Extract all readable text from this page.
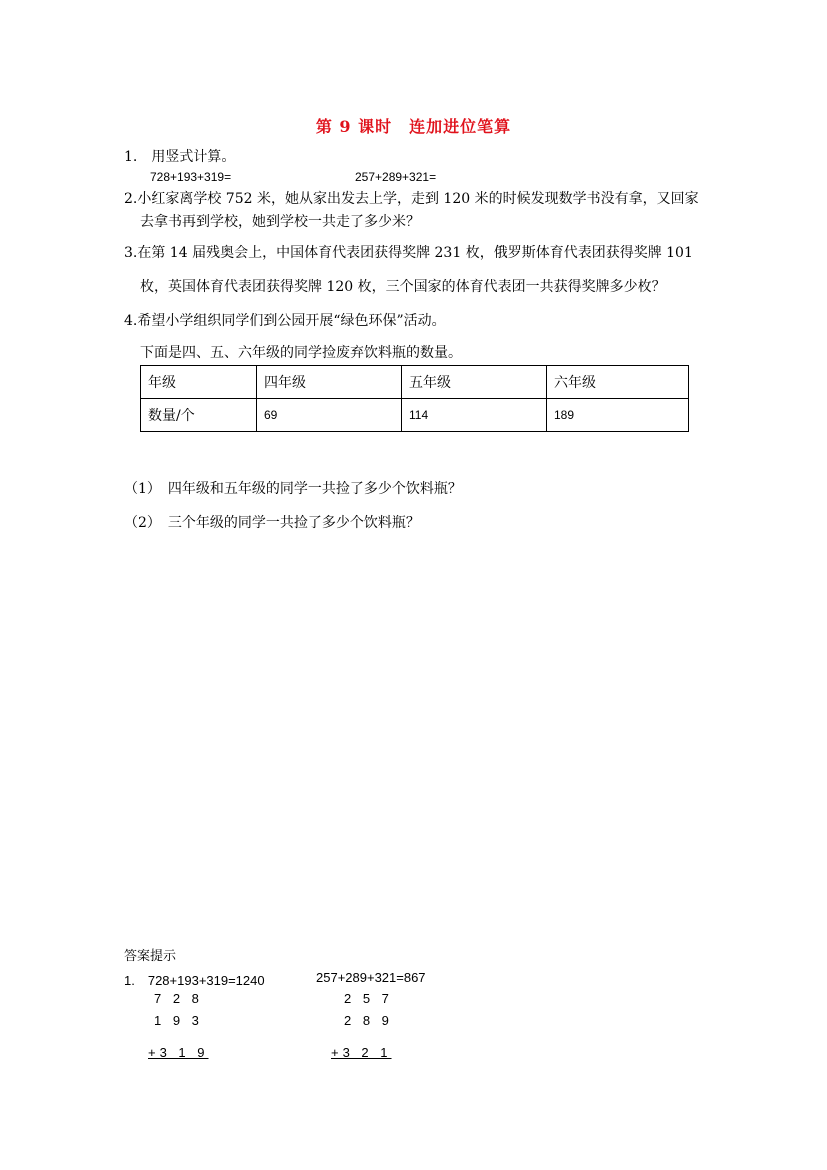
第 9 课时　连加进位笔算
1.　用竖式计算。
728+193+319=	257+289+321=
2.小红家离学校 752 米，她从家出发去上学，走到 120 米的时候发现数学书没有拿，又回家
去拿书再到学校，她到学校一共走了多少米？
3.在第 14 届残奥会上，中国体育代表团获得奖牌 231 枚，俄罗斯体育代表团获得奖牌 101
枚，英国体育代表团获得奖牌 120 枚，三个国家的体育代表团一共获得奖牌多少枚？
4.希望小学组织同学们到公园开展“绿色环保”活动。
下面是四、五、六年级的同学捡废弃饮料瓶的数量。
年级	四年级	五年级	六年级
数量/个	69	114	189
（1）　四年级和五年级的同学一共捡了多少个饮料瓶？
（2）　三个年级的同学一共捡了多少个饮料瓶？
答案提示
1.　728+193+319=1240	257+289+321=867
7 2 8
1 9 3
+3 1 9
2 5 7
2 8 9
+3 2 1
